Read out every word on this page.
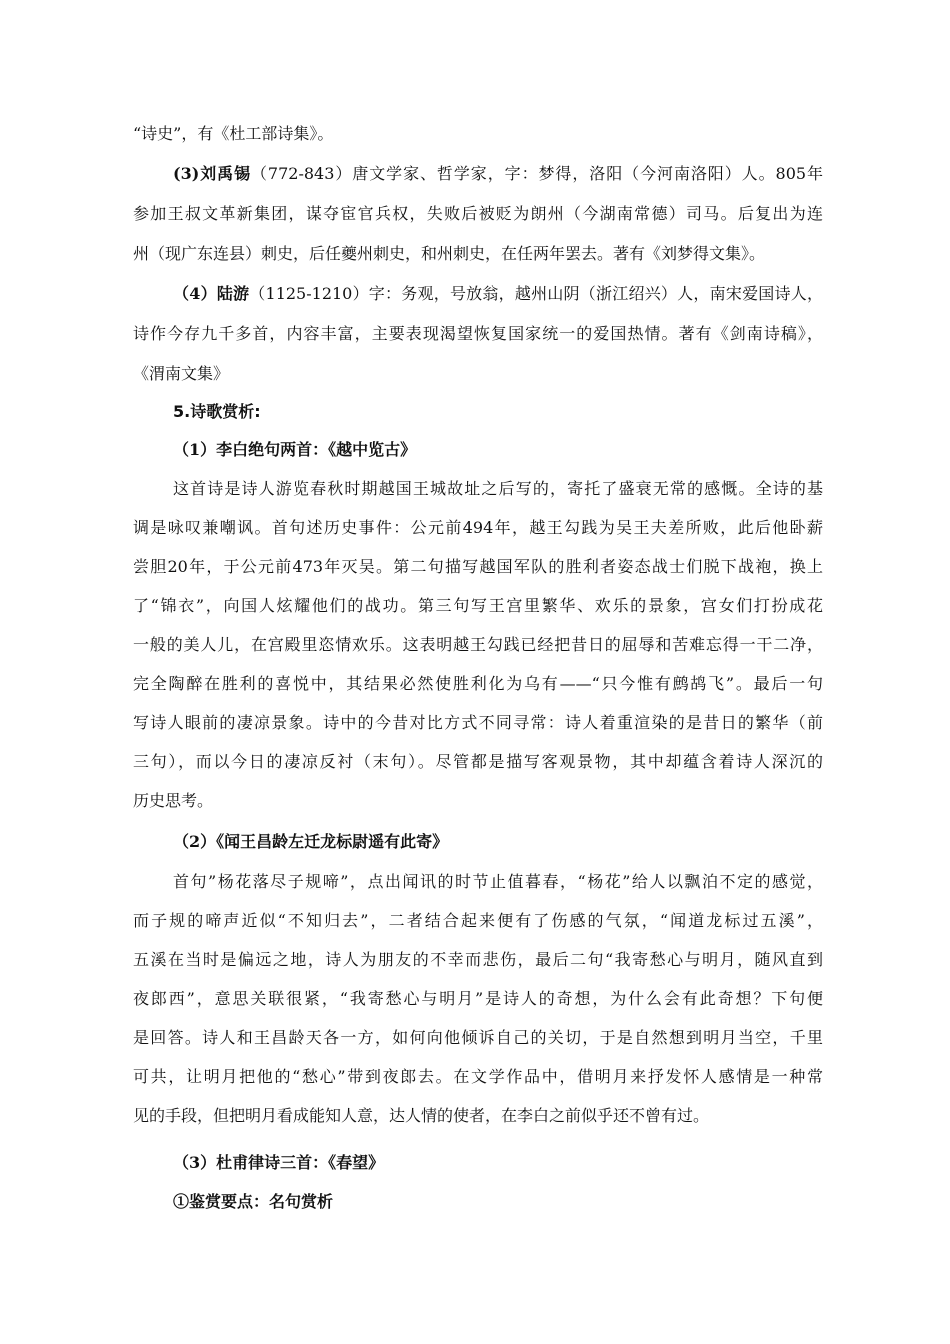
“诗史”，有《杜工部诗集》。
(3)刘禹锡（772-843）唐文学家、哲学家，字：梦得，洛阳（今河南洛阳）人。805年
参加王叔文革新集团，谋夺宦官兵权，失败后被贬为朗州（今湖南常德）司马。后复出为连
州（现广东连县）刺史，后任夔州刺史，和州刺史，在任两年罢去。著有《刘梦得文集》。
（4）陆游（1125-1210）字：务观，号放翁，越州山阴（浙江绍兴）人，南宋爱国诗人，
诗作今存九千多首，内容丰富，主要表现渴望恢复国家统一的爱国热情。著有《剑南诗稿》，
《渭南文集》
5.诗歌赏析:
（1）李白绝句两首：《越中览古》
这首诗是诗人游览春秋时期越国王城故址之后写的，寄托了盛衰无常的感慨。全诗的基
调是咏叹兼嘲讽。首句述历史事件：公元前494年，越王勾践为吴王夫差所败，此后他卧薪
尝胆20年，于公元前473年灭吴。第二句描写越国军队的胜利者姿态战士们脱下战袍，换上
了“锦衣”，向国人炫耀他们的战功。第三句写王宫里繁华、欢乐的景象，宫女们打扮成花
一般的美人儿，在宫殿里恣情欢乐。这表明越王勾践已经把昔日的屈辱和苦难忘得一干二净，
完全陶醉在胜利的喜悦中，其结果必然使胜利化为乌有——“只今惟有鹧鸪飞”。最后一句
写诗人眼前的凄凉景象。诗中的今昔对比方式不同寻常：诗人着重渲染的是昔日的繁华（前
三句），而以今日的凄凉反衬（末句）。尽管都是描写客观景物，其中却蕴含着诗人深沉的
历史思考。
（2）《闻王昌龄左迁龙标尉遥有此寄》
首句”杨花落尽子规啼”，点出闻讯的时节止值暮春，“杨花”给人以飘泊不定的感觉，
而子规的啼声近似“不知归去”，二者结合起来便有了伤感的气氛，“闻道龙标过五溪”，
五溪在当时是偏远之地，诗人为朋友的不幸而悲伤，最后二句“我寄愁心与明月，随风直到
夜郎西”，意思关联很紧，“我寄愁心与明月”是诗人的奇想，为什么会有此奇想？下句便
是回答。诗人和王昌龄天各一方，如何向他倾诉自己的关切，于是自然想到明月当空，千里
可共，让明月把他的“愁心”带到夜郎去。在文学作品中，借明月来抒发怀人感情是一种常
见的手段，但把明月看成能知人意，达人情的使者，在李白之前似乎还不曾有过。
（3）杜甫律诗三首：《春望》
①鉴赏要点：名句赏析
